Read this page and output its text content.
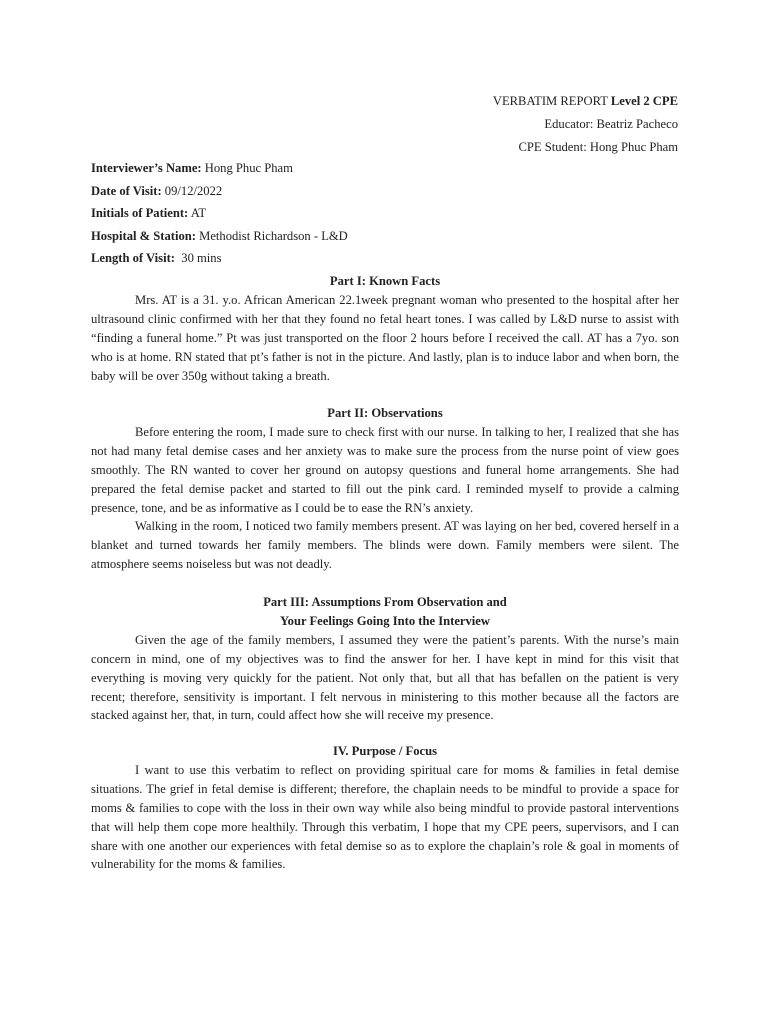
VERBATIM REPORT Level 2 CPE
Educator: Beatriz Pacheco
CPE Student: Hong Phuc Pham
Interviewer’s Name: Hong Phuc Pham
Date of Visit: 09/12/2022
Initials of Patient: AT
Hospital & Station: Methodist Richardson - L&D
Length of Visit:  30 mins
Part I: Known Facts

Mrs. AT is a 31. y.o. African American 22.1week pregnant woman who presented to the hospital after her ultrasound clinic confirmed with her that they found no fetal heart tones. I was called by L&D nurse to assist with “finding a funeral home.” Pt was just transported on the floor 2 hours before I received the call. AT has a 7yo. son who is at home. RN stated that pt’s father is not in the picture. And lastly, plan is to induce labor and when born, the baby will be over 350g without taking a breath.

Part II: Observations

Before entering the room, I made sure to check first with our nurse. In talking to her, I realized that she has not had many fetal demise cases and her anxiety was to make sure the process from the nurse point of view goes smoothly. The RN wanted to cover her ground on autopsy questions and funeral home arrangements. She had prepared the fetal demise packet and started to fill out the pink card. I reminded myself to provide a calming presence, tone, and be as informative as I could be to ease the RN’s anxiety.

Walking in the room, I noticed two family members present. AT was laying on her bed, covered herself in a blanket and turned towards her family members. The blinds were down. Family members were silent. The atmosphere seems noiseless but was not deadly.

Part III: Assumptions From Observation and
Your Feelings Going Into the Interview

Given the age of the family members, I assumed they were the patient’s parents. With the nurse’s main concern in mind, one of my objectives was to find the answer for her. I have kept in mind for this visit that everything is moving very quickly for the patient. Not only that, but all that has befallen on the patient is very recent; therefore, sensitivity is important. I felt nervous in ministering to this mother because all the factors are stacked against her, that, in turn, could affect how she will receive my presence.

IV. Purpose / Focus

I want to use this verbatim to reflect on providing spiritual care for moms & families in fetal demise situations. The grief in fetal demise is different; therefore, the chaplain needs to be mindful to provide a space for moms & families to cope with the loss in their own way while also being mindful to provide pastoral interventions that will help them cope more healthily. Through this verbatim, I hope that my CPE peers, supervisors, and I can share with one another our experiences with fetal demise so as to explore the chaplain’s role & goal in moments of vulnerability for the moms & families.
